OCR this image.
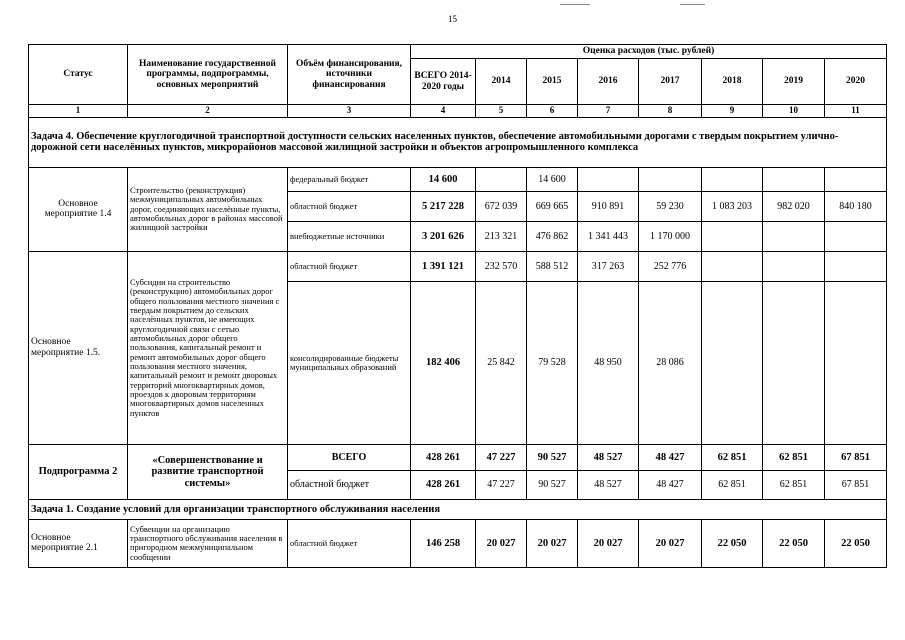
15
Статус	Наименование государственной программы, подпрограммы, основных мероприятий	Объём финансирования, источники финансирования	Оценка расходов (тыс. рублей)							
			ВСЕГО 2014-2020 годы	2014	2015	2016	2017	2018	2019	2020
1	2	3	4	5	6	7	8	9	10	11
Задача 4. Обеспечение круглогодичной транспортной доступности сельских населенных пунктов, обеспечение автомобильными дорогами с твердым покрытием улично-дорожной сети населённых пунктов, микрорайонов массовой жилищной застройки и объектов агропромышленного комплекса										
Основное мероприятие 1.4	Строительство (реконструкция) межмуниципальных автомобильных дорог, соединяющих населённые пункты, автомобильных дорог в районах массовой жилищной застройки	федеральный бюджет	14 600		14 600					
		областной бюджет	5 217 228	672 039	669 665	910 891	59 230	1 083 203	982 020	840 180
		внебюджетные источники	3 201 626	213 321	476 862	1 341 443	1 170 000			
Основное мероприятие 1.5.	Субсидии на строительство (реконструкцию) автомобильных дорог общего пользования местного значения с твердым покрытием до сельских населённых пунктов, не имеющих круглогодичной связи с сетью автомобильных дорог общего пользования, капитальный ремонт и ремонт автомобильных дорог общего пользования местного значения, капитальный ремонт и ремонт дворовых территорий многоквартирных домов, проездов к дворовым территориям многоквартирных домов населенных пунктов	областной бюджет	1 391 121	232 570	588 512	317 263	252 776			
		консолидированные бюджеты муниципальных образований	182 406	25 842	79 528	48 950	28 086			
Подпрограмма 2	«Совершенствование и развитие транспортной системы»	ВСЕГО	428 261	47 227	90 527	48 527	48 427	62 851	62 851	67 851
		областной бюджет	428 261	47 227	90 527	48 527	48 427	62 851	62 851	67 851
Задача 1. Создание условий для организации транспортного обслуживания населения										
Основное мероприятие 2.1	Субвенции на организацию транспортного обслуживания населения в пригородном межмуниципальном сообщении	областной бюджет	146 258	20 027	20 027	20 027	20 027	22 050	22 050	22 050
